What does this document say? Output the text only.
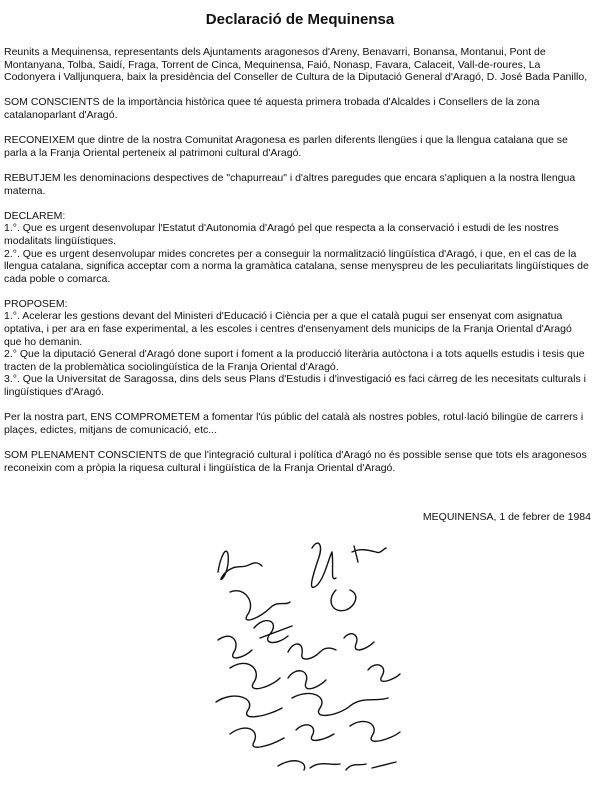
Declaració de Mequinensa

Reunits a Mequinensa, representants dels Ajuntaments aragonesos d'Areny, Benavarri, Bonansa, Montanui, Pont de Montanyana, Tolba, Saidí, Fraga, Torrent de Cinca, Mequinensa, Faió, Nonasp, Favara, Calaceit, Vall-de-roures, La Codonyera i Valljunquera, baix la presidència del Conseller de Cultura de la Diputació General d'Aragó, D. José Bada Panillo,

SOM CONSCIENTS de la importància històrica quee té aquesta primera trobada d'Alcaldes i Consellers de la zona catalanoparlant d'Aragó.

RECONEIXEM que dintre de la nostra Comunitat Aragonesa es parlen diferents llengües i que la llengua catalana que se parla a la Franja Oriental perteneix al patrimoni cultural d'Aragó.

REBUTJEM les denominacions despectives de "chapurreau" i d'altres paregudes que encara s'apliquen a la nostra llengua materna.

DECLAREM:
1.°. Que es urgent desenvolupar l'Estatut d'Autonomia d'Aragó pel que respecta a la conservació i estudi de les nostres modalitats lingüístiques.
2.°. Que es urgent desenvolupar mides concretes per a conseguir la normalització lingüística d'Aragó, i que, en el cas de la llengua catalana, significa acceptar com a norma la gramàtica catalana, sense menyspreu de les peculiaritats lingüístiques de cada poble o comarca.
PROPOSEM:
1.°. Acelerar les gestions devant del Ministeri d'Educació i Ciència per a que el català pugui ser ensenyat com asignatua optativa, i per ara en fase experimental, a les escoles i centres d'ensenyament dels municips de la Franja Oriental d'Aragó que ho demanin.
2.° Que la diputació General d'Aragó done suport i foment a la producció literària autòctona i a tots aquells estudis i tesis que tracten de la problemàtica sociolingüística de la Franja Oriental d'Aragó.
3.°. Que la Universitat de Saragossa, dins dels seus Plans d'Estudis i d'investigació es faci càrreg de les necesitats culturals i lingüístiques d'Aragó.

Per la nostra part, ENS COMPROMETEM a fomentar l'ús públic del català als nostres pobles, rotul·lació bilingüe de carrers i plaçes, edictes, mitjans de comunicació, etc...

SOM PLENAMENT CONSCIENTS de que l'integració cultural i política d'Aragó no és possible sense que tots els aragonesos reconeixin com a pròpia la riquesa cultural i lingüística de la Franja Oriental d'Aragó.

MEQUINENSA, 1 de febrer de 1984
